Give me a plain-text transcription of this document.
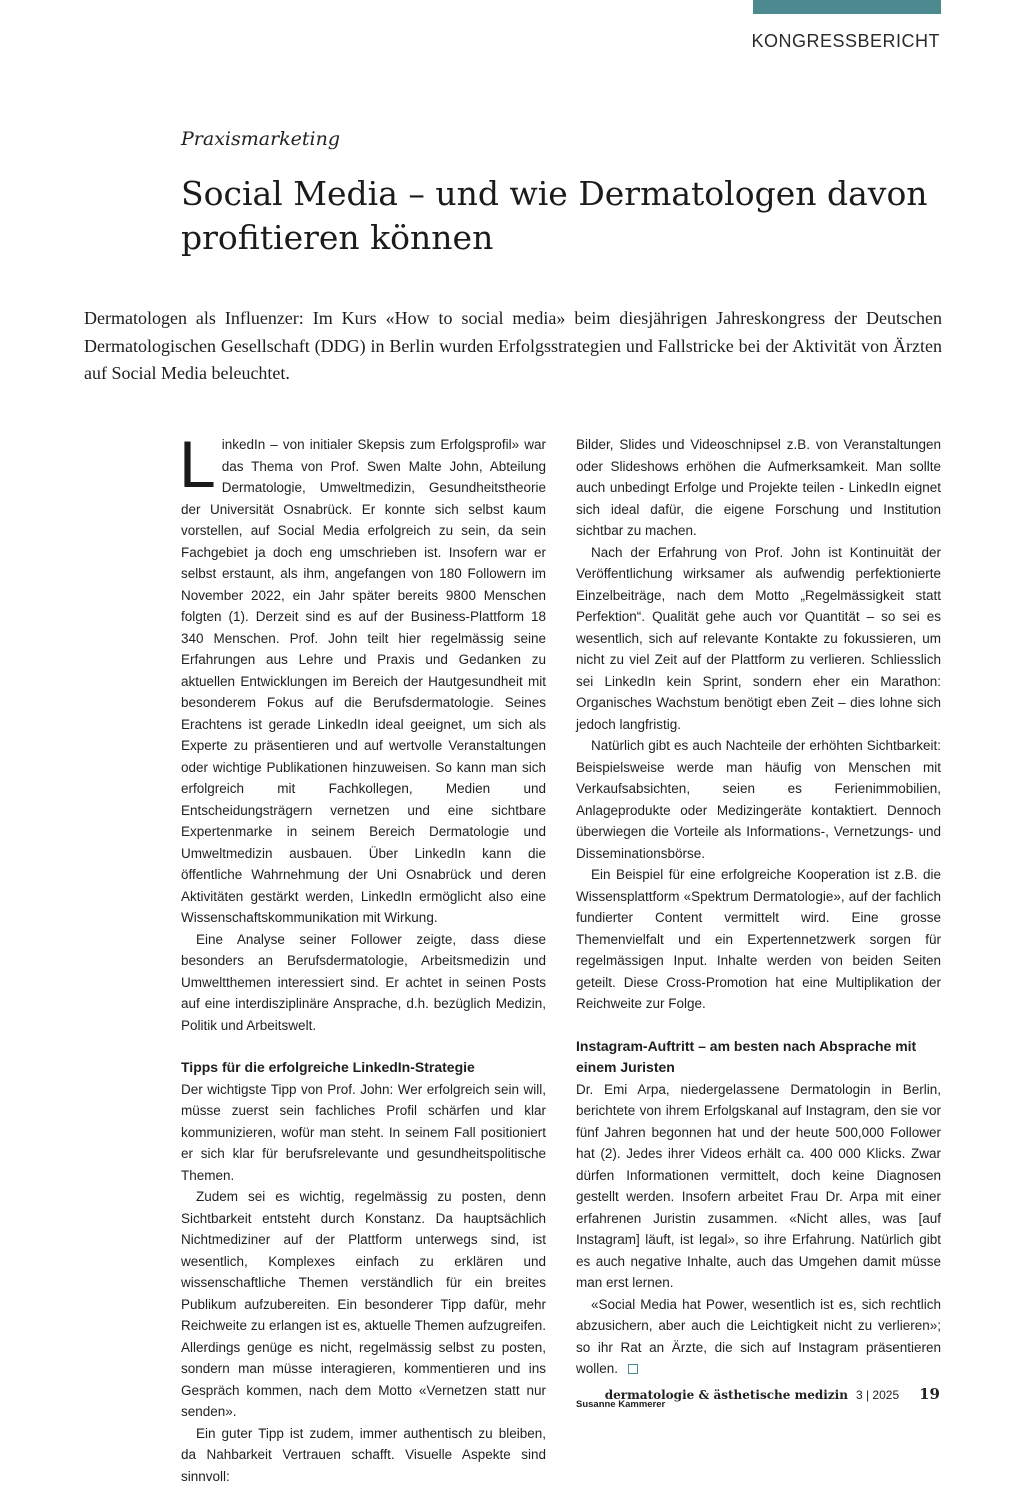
KONGRESSBERICHT
Praxismarketing
Social Media – und wie Dermatologen davon profitieren können

Dermatologen als Influenzer: Im Kurs «How to social media» beim diesjährigen Jahreskongress der Deutschen Dermatologischen Gesellschaft (DDG) in Berlin wurden Erfolgsstrategien und Fallstricke bei der Aktivität von Ärzten auf Social Media beleuchtet.

LinkedIn – von initialer Skepsis zum Erfolgsprofil» war das Thema von Prof. Swen Malte John, Abteilung Dermatologie, Umweltmedizin, Gesundheitstheorie der Universität Osnabrück. Er konnte sich selbst kaum vorstellen, auf Social Media erfolgreich zu sein, da sein Fachgebiet ja doch eng umschrieben ist. Insofern war er selbst erstaunt, als ihm, angefangen von 180 Followern im November 2022, ein Jahr später bereits 9800 Menschen folgten (1). Derzeit sind es auf der Business-Plattform 18 340 Menschen. Prof. John teilt hier regelmässig seine Erfahrungen aus Lehre und Praxis und Gedanken zu aktuellen Entwicklungen im Bereich der Hautgesundheit mit besonderem Fokus auf die Berufsdermatologie. Seines Erachtens ist gerade LinkedIn ideal geeignet, um sich als Experte zu präsentieren und auf wertvolle Veranstaltungen oder wichtige Publikationen hinzuweisen. So kann man sich erfolgreich mit Fachkollegen, Medien und Entscheidungsträgern vernetzen und eine sichtbare Expertenmarke in seinem Bereich Dermatologie und Umweltmedizin ausbauen. Über LinkedIn kann die öffentliche Wahrnehmung der Uni Osnabrück und deren Aktivitäten gestärkt werden, LinkedIn ermöglicht also eine Wissenschaftskommunikation mit Wirkung.

Eine Analyse seiner Follower zeigte, dass diese besonders an Berufsdermatologie, Arbeitsmedizin und Umweltthemen interessiert sind. Er achtet in seinen Posts auf eine interdisziplinäre Ansprache, d.h. bezüglich Medizin, Politik und Arbeitswelt.

Tipps für die erfolgreiche LinkedIn-Strategie

Der wichtigste Tipp von Prof. John: Wer erfolgreich sein will, müsse zuerst sein fachliches Profil schärfen und klar kommunizieren, wofür man steht. In seinem Fall positioniert er sich klar für berufsrelevante und gesundheitspolitische Themen.

Zudem sei es wichtig, regelmässig zu posten, denn Sichtbarkeit entsteht durch Konstanz. Da hauptsächlich Nichtmediziner auf der Plattform unterwegs sind, ist wesentlich, Komplexes einfach zu erklären und wissenschaftliche Themen verständlich für ein breites Publikum aufzubereiten. Ein besonderer Tipp dafür, mehr Reichweite zu erlangen ist es, aktuelle Themen aufzugreifen. Allerdings genüge es nicht, regelmässig selbst zu posten, sondern man müsse interagieren, kommentieren und ins Gespräch kommen, nach dem Motto «Vernetzen statt nur senden».

Ein guter Tipp ist zudem, immer authentisch zu bleiben, da Nahbarkeit Vertrauen schafft. Visuelle Aspekte sind sinnvoll:

Bilder, Slides und Videoschnipsel z.B. von Veranstaltungen oder Slideshows erhöhen die Aufmerksamkeit. Man sollte auch unbedingt Erfolge und Projekte teilen - LinkedIn eignet sich ideal dafür, die eigene Forschung und Institution sichtbar zu machen.

Nach der Erfahrung von Prof. John ist Kontinuität der Veröffentlichung wirksamer als aufwendig perfektionierte Einzelbeiträge, nach dem Motto „Regelmässigkeit statt Perfektion“. Qualität gehe auch vor Quantität – so sei es wesentlich, sich auf relevante Kontakte zu fokussieren, um nicht zu viel Zeit auf der Plattform zu verlieren. Schliesslich sei LinkedIn kein Sprint, sondern eher ein Marathon: Organisches Wachstum benötigt eben Zeit – dies lohne sich jedoch langfristig.

Natürlich gibt es auch Nachteile der erhöhten Sichtbarkeit: Beispielsweise werde man häufig von Menschen mit Verkaufsabsichten, seien es Ferienimmobilien, Anlageprodukte oder Medizingeräte kontaktiert. Dennoch überwiegen die Vorteile als Informations-, Vernetzungs- und Disseminationsbörse.

Ein Beispiel für eine erfolgreiche Kooperation ist z.B. die Wissensplattform «Spektrum Dermatologie», auf der fachlich fundierter Content vermittelt wird. Eine grosse Themenvielfalt und ein Expertennetzwerk sorgen für regelmässigen Input. Inhalte werden von beiden Seiten geteilt. Diese Cross-Promotion hat eine Multiplikation der Reichweite zur Folge.

Instagram-Auftritt – am besten nach Absprache mit einem Juristen

Dr. Emi Arpa, niedergelassene Dermatologin in Berlin, berichtete von ihrem Erfolgskanal auf Instagram, den sie vor fünf Jahren begonnen hat und der heute 500,000 Follower hat (2). Jedes ihrer Videos erhält ca. 400 000 Klicks. Zwar dürfen Informationen vermittelt, doch keine Diagnosen gestellt werden. Insofern arbeitet Frau Dr. Arpa mit einer erfahrenen Juristin zusammen. «Nicht alles, was [auf Instagram] läuft, ist legal», so ihre Erfahrung. Natürlich gibt es auch negative Inhalte, auch das Umgehen damit müsse man erst lernen.

«Social Media hat Power, wesentlich ist es, sich rechtlich abzusichern, aber auch die Leichtigkeit nicht zu verlieren»; so ihr Rat an Ärzte, die sich auf Instagram präsentieren wollen.

Susanne Kammerer
dermatologie & ästhetische medizin 3 | 2025 19
